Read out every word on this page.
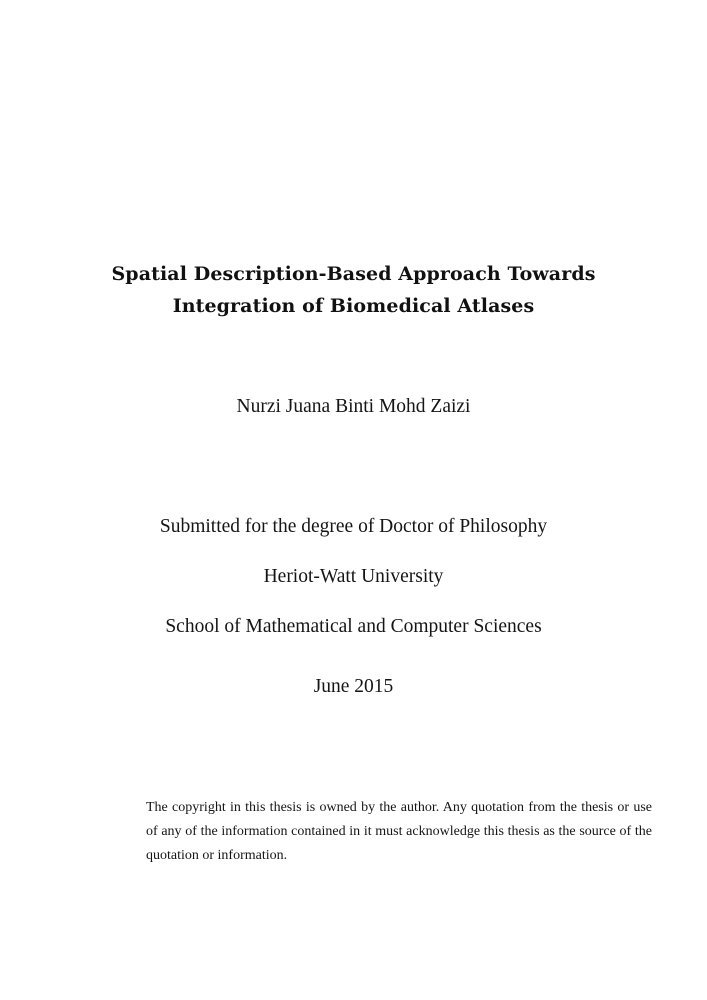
Spatial Description-Based Approach Towards
Integration of Biomedical Atlases
Nurzi Juana Binti Mohd Zaizi
Submitted for the degree of Doctor of Philosophy
Heriot-Watt University
School of Mathematical and Computer Sciences
June 2015
The copyright in this thesis is owned by the author. Any quotation from the thesis or use of any of the information contained in it must acknowledge this thesis as the source of the quotation or information.
